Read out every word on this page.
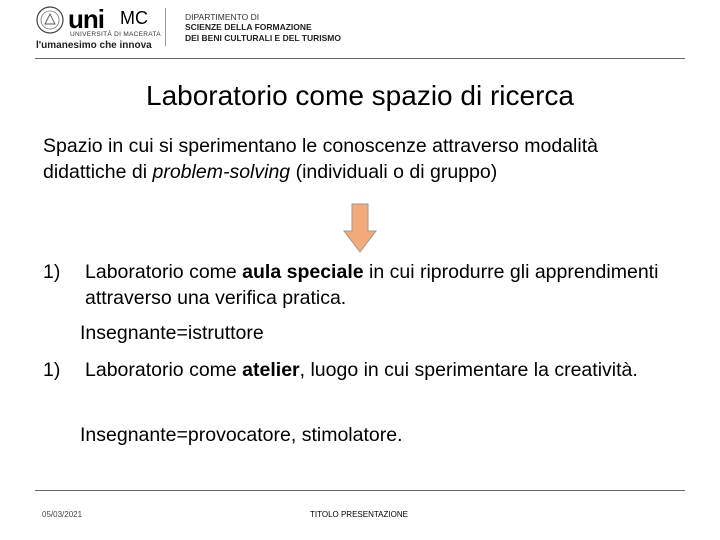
uni MC
UNIVERSITÀ DI MACERATA
l'umanesimo che innova
DIPARTIMENTO DI
SCIENZE DELLA FORMAZIONE
DEI BENI CULTURALI E DEL TURISMO
Laboratorio come spazio di ricerca
Spazio in cui si sperimentano le conoscenze attraverso modalità didattiche di problem-solving (individuali o di gruppo)
1) Laboratorio come aula speciale in cui riprodurre gli apprendimenti attraverso una verifica pratica.
Insegnante=istruttore
1) Laboratorio come atelier, luogo in cui sperimentare la creatività.
Insegnante=provocatore, stimolatore.
05/03/2021	TITOLO PRESENTAZIONE
